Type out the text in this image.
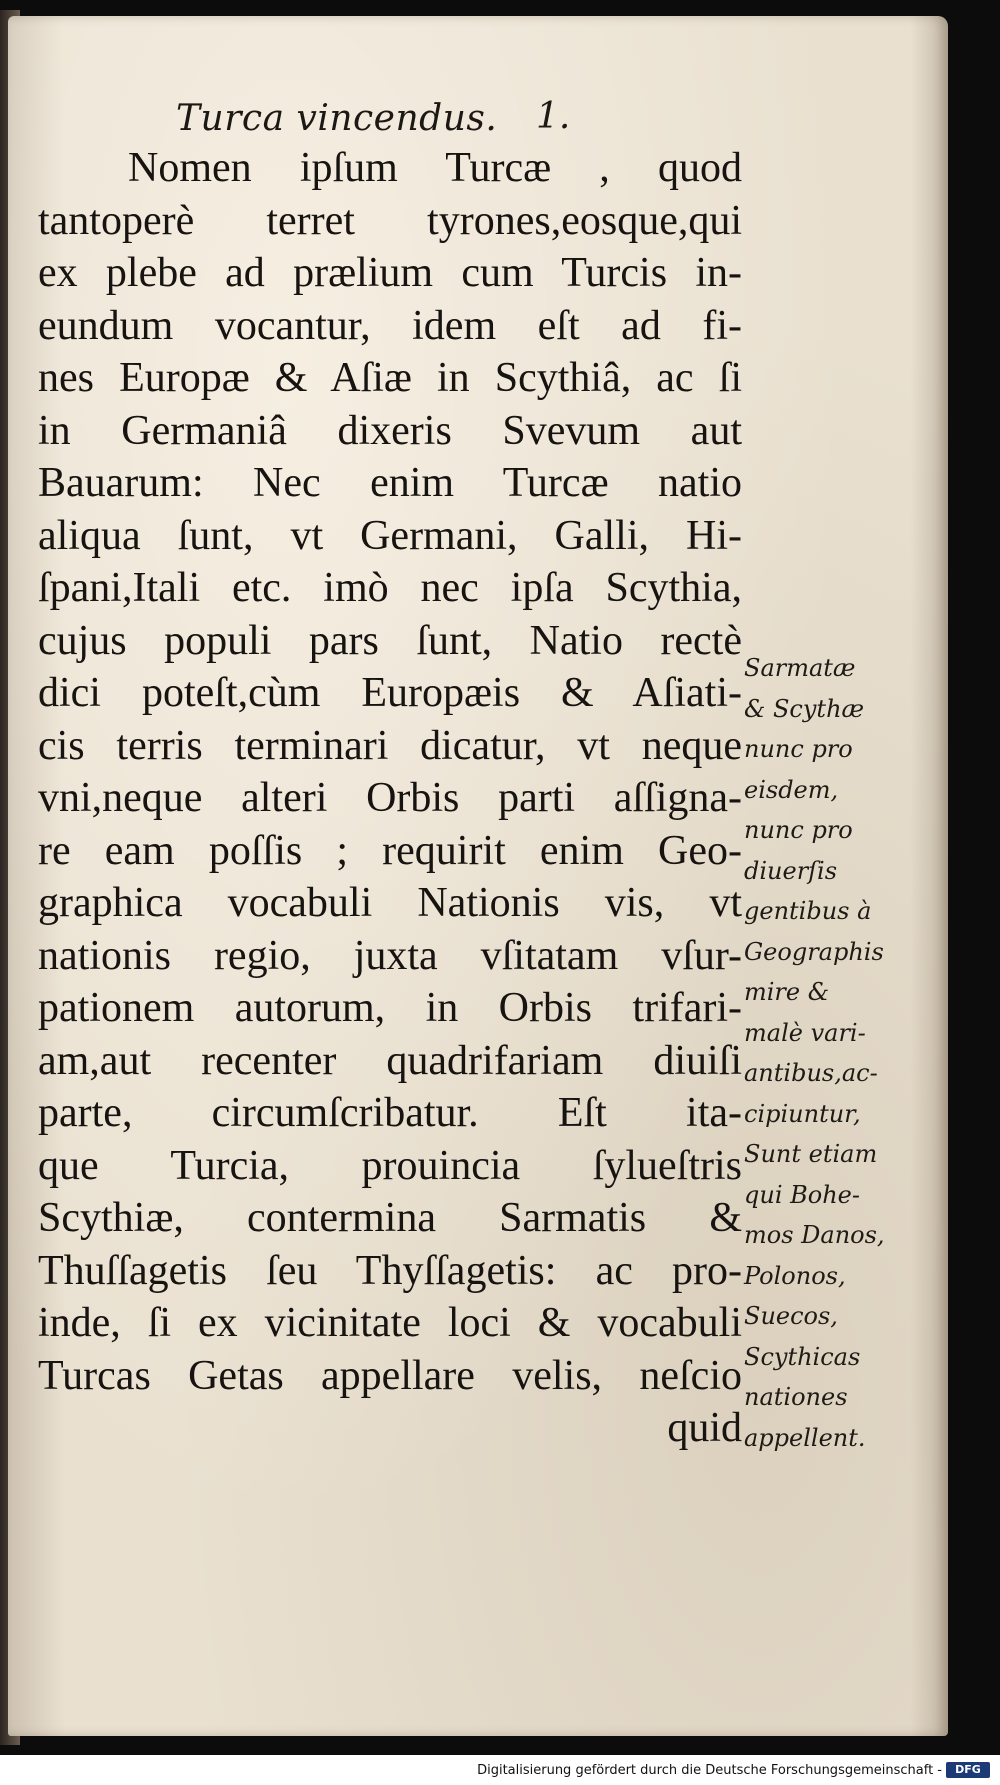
Turca vincendus. 1.
Nomen ipſum Turcæ , quod
tantoperè terret tyrones,eosque,qui
ex plebe ad prælium cum Turcis in-
eundum vocantur, idem eſt ad fi-
nes Europæ & Aſiæ in Scythiâ, ac ſi
in Germaniâ dixeris Svevum aut
Bauarum: Nec enim Turcæ natio
aliqua ſunt, vt Germani, Galli, Hi-
ſpani,Itali etc. imò nec ipſa Scythia,
cujus populi pars ſunt, Natio rectè
dici poteſt,cùm Europæis & Aſiati-
cis terris terminari dicatur, vt neque
vni,neque alteri Orbis parti aſſigna-
re eam poſſis ; requirit enim Geo-
graphica vocabuli Nationis vis, vt
nationis regio, juxta vſitatam vſur-
pationem autorum, in Orbis trifari-
am,aut recenter quadrifariam diuiſi
parte, circumſcribatur. Eſt ita-
que Turcia, prouincia ſylueſtris
Scythiæ, contermina Sarmatis &
Thuſſagetis ſeu Thyſſagetis: ac pro-
inde, ſi ex vicinitate loci & vocabuli
Turcas Getas appellare velis, neſcio
quid
Sarmatæ
& Scythæ
nunc pro
eisdem,
nunc pro
diuerſis
gentibus à
Geographis
mire &
malè vari-
antibus,ac-
cipiuntur,
Sunt etiam
qui Bohe-
mos Danos,
Polonos,
Suecos,
Scythicas
nationes
appellent.
Digitalisierung gefördert durch die Deutsche Forschungsgemeinschaft -	DFG
